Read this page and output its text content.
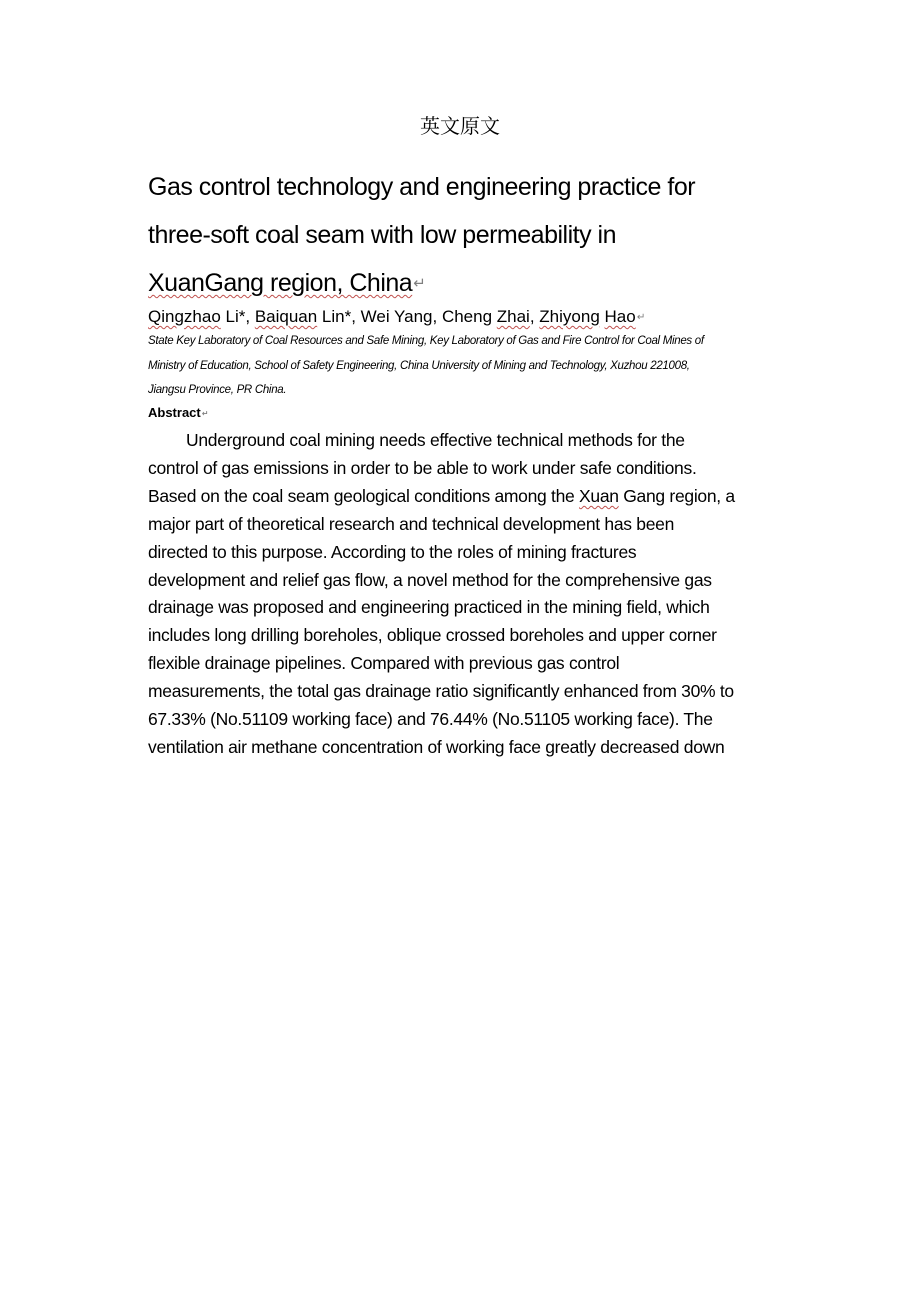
英文原文
Gas control technology and engineering practice for
three-soft coal seam with low permeability in
XuanGang region, China↵
Qingzhao Li*, Baiquan Lin*, Wei Yang, Cheng Zhai, Zhiyong Hao↵
State Key Laboratory of Coal Resources and Safe Mining, Key Laboratory of Gas and Fire Control for Coal Mines of
Ministry of Education, School of Safety Engineering, China University of Mining and Technology, Xuzhou 221008,
Jiangsu Province, PR China.
Abstract↵
Underground coal mining needs effective technical methods for the
control of gas emissions in order to be able to work under safe conditions.
Based on the coal seam geological conditions among the Xuan Gang region, a
major part of theoretical research and technical development has been
directed to this purpose. According to the roles of mining fractures
development and relief gas flow, a novel method for the comprehensive gas
drainage was proposed and engineering practiced in the mining field, which
includes long drilling boreholes, oblique crossed boreholes and upper corner
flexible drainage pipelines. Compared with previous gas control
measurements, the total gas drainage ratio significantly enhanced from 30% to
67.33% (No.51109 working face) and 76.44% (No.51105 working face). The
ventilation air methane concentration of working face greatly decreased down
